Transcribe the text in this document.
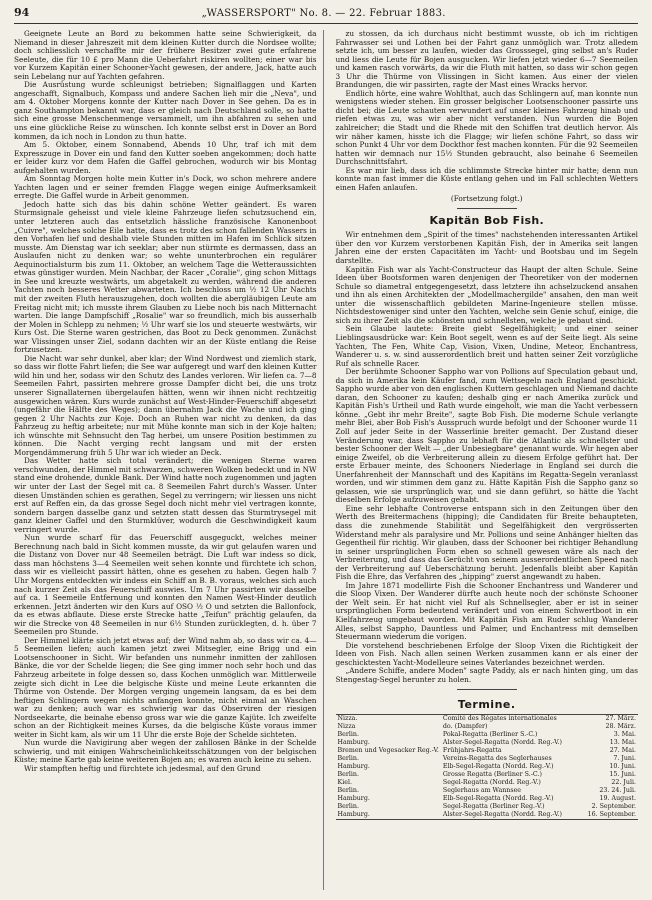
94	„WASSERSPORT" No. 8. — 22. Februar 1883.

Geeignete Leute an Bord zu bekommen hatte seine Schwierigkeit, da Niemand in dieser Jahreszeit mit dem kleinen Kutter durch die Nordsee wollte; doch schliesslich verschaffte mir der frühere Besitzer zwei gute erfahrene Seeleute, die für 10 £ pro Mann die Ueberfahrt riskiren wollten; einer war bis vor Kurzem Kapitän einer Schooner-Yacht gewesen, der andere, Jack, hatte auch sein Lebelang nur auf Yachten gefahren.

Die Ausrüstung wurde schleunigst betrieben; Signalflaggen und Karten angeschafft, Signalbuch, Kompass und andere Sachen lieh mir die „Neva", und am 4. Oktober Morgens konnte der Kutter nach Dover in See gehen. Da es in ganz Southampton bekannt war, dass er gleich nach Deutschland solle, so hatte sich eine grosse Menschenmenge versammelt, um ihn abfahren zu sehen und uns eine glückliche Reise zu wünschen. Ich konnte selbst erst in Dover an Bord kommen, da ich noch in London zu thun hatte.

Am 5. Oktober, einem Sonnabend, Abends 10 Uhr, traf ich mit dem Expresszuge in Dover ein und fand den Kutter soeben angekommen; doch hatte er leider kurz vor dem Hafen die Gaffel gebrochen, wodurch wir bis Montag aufgehalten wurden.

Am Sonntag Morgen holte mein Kutter in's Dock, wo schon mehrere andere Yachten lagen und er seiner fremden Flagge wegen einige Aufmerksamkeit erregte. Die Gaffel wurde in Arbeit genommen.

Jedoch hatte sich das bis dahin schöne Wetter geändert. Es waren Sturmsignale geheisst und viele kleine Fahrzeuge liefen schutzsuchend ein, unter letzteren auch das entsetzlich hässliche französische Kanonenboot „Cuivre", welches solche Eile hatte, dass es trotz des schon fallenden Wassers in den Vorhafen lief und deshalb viele Stunden mitten im Hafen im Schlick sitzen musste. Am Dienstag war ich seeklar; aber nun stürmte es dermassen, dass an Auslaufen nicht zu denken war; so wehte ununterbrochen ein regulärer Aequinoctialsturm bis zum 11. Oktober, an welchem Tage die Wetteraussichten etwas günstiger wurden. Mein Nachbar, der Racer „Coralie", ging schon Mittags in See und kreuzte westwärts, um abgetakelt zu werden, während die anderen Yachten noch besseres Wetter abwarteten. Ich beschloss um ½ 12 Uhr Nachts mit der zweiten Fluth herauszugehen, doch wollten die abergläubigen Leute am Freitag nicht mit; ich musste ihrem Glauben zu Liebe noch bis nach Mitternacht warten. Die lange Dampfschiff „Rosalie" war so freundlich, mich bis ausserhalb der Molen in Schlepp zu nehmen; ½ Uhr warf sie los und steuerte westwärts, wir Kurs Ost. Die Sterne waren gestrichen, das Boot zu Deck genommen. Zunächst war Vlissingen unser Ziel, sodann dachten wir an der Küste entlang die Reise fortzusetzen.

Die Nacht war sehr dunkel, aber klar; der Wind Nordwest und ziemlich stark, so dass wir flotte Fahrt liefen; die See war aufgeregt und warf den kleinen Kutter wild hin und her, sodass wir den Schutz des Landes verloren. Wir liefen ca. 7—8 Seemeilen Fahrt, passirten mehrere grosse Dampfer dicht bei, die uns trotz unserer Signallaternen übergelaufen hätten, wenn wir ihnen nicht rechtzeitig ausgewichen wären. Kurs wurde zunächst auf West-Hinder-Feuerschiff abgesetzt (ungefähr die Hälfte des Weges); dann übernahm Jack die Wache und ich ging gegen 2 Uhr Nachts zur Koje. Doch an Ruhen war nicht zu denken, da das Fahrzeug zu heftig arbeitete; nur mit Mühe konnte man sich in der Koje halten; ich wünschte mit Sehnsucht den Tag herbei, um unsere Position bestimmen zu können. Die Nacht verging recht langsam und mit der ersten Morgendämmerung früh 5 Uhr war ich wieder an Deck.

Das Wetter hatte sich total verändert; die wenigen Sterne waren verschwunden, der Himmel mit schwarzen, schweren Wolken bedeckt und in NW stand eine drohende, dunkle Bank. Der Wind hatte noch zugenommen und jagten wir unter der Last der Segel mit ca. 8 Seemeilen Fahrt durch's Wasser. Unter diesen Umständen schien es gerathen, Segel zu verringern; wir liessen uns nicht erst auf Reffen ein, da das grosse Segel doch nicht mehr viel vertragen konnte, sondern bargen dasselbe ganz und setzten statt dessen das Sturmtrysegel mit ganz kleiner Gaffel und den Sturmklüver, wodurch die Geschwindigkeit kaum verringert wurde.

Nun wurde scharf für das Feuerschiff ausgeguckt, welches meiner Berechnung nach bald in Sicht kommen musste, da wir gut gelaufen waren und die Distanz von Dover nur 48 Seemeilen beträgt. Die Luft war indess so dick, dass man höchstens 3—4 Seemeilen weit sehen konnte und fürchtete ich schon, dass wir es vielleicht passirt hätten, ohne es gesehen zu haben. Gegen halb 7 Uhr Morgens entdeckten wir indess ein Schiff an B. B. voraus, welches sich auch nach kurzer Zeit als das Feuerschiff auswies. Um 7 Uhr passirten wir dasselbe auf ca. 1 Seemeile Entfernung und konnten den Namen West-Hinder deutlich erkennen. Jetzt änderten wir den Kurs auf OSO ½ O und setzten die Ballonfock, da es etwas abflaute. Diese erste Strecke hatte „Teifun" prächtig gelaufen, da wir die Strecke von 48 Seemeilen in nur 6½ Stunden zurücklegten, d. h. über 7 Seemeilen pro Stunde.

Der Himmel klärte sich jetzt etwas auf; der Wind nahm ab, so dass wir ca. 4—5 Seemeilen liefen; auch kamen jetzt zwei Mitsegler, eine Brigg und ein Lootsenschooner in Sicht. Wir befanden uns nunmehr inmitten der zahllosen Bänke, die vor der Schelde liegen; die See ging immer noch sehr hoch und das Fahrzeug arbeitete in folge dessen so, dass Kochen unmöglich war. Mittlerweile zeigte sich dicht in Lee die belgische Küste und meine Leute erkannten die Thürme von Ostende. Der Morgen verging ungemein langsam, da es bei dem heftigen Schlingern wegen nichts anfangen konnte, nicht einmal an Waschen war zu denken; auch war es schwierig war das Observiren der riesigen Nordseekarte, die beinahe ebenso gross war wie die ganze Kajüte. Ich zweifelte schon an der Richtigkeit meines Kurses, da die belgische Küste voraus immer weiter in Sicht kam, als wir um 11 Uhr die erste Boje der Schelde sichteten.

Nun wurde die Navigirung aber wegen der zahllosen Bänke in der Schelde schwierig, und mit einigen Wahrscheinlichkeitsschätzungen von der belgischen Küste; meine Karte gab keine weiteren Bojen an; es waren auch keine zu sehen.

Wir stampften heftig und fürchtete ich jedesmal, auf den Grund

zu stossen, da ich durchaus nicht bestimmt wusste, ob ich im richtigen Fahrwasser sei und Lothen bei der Fahrt ganz unmöglich war. Trotz alledem setzte ich, um besser zu laufen, wieder das Grosssegel, ging selbst an's Ruder und liess die Leute für Bojen ausgucken. Wir liefen jetzt wieder 6—7 Seemeilen und kamen rasch vorwärts, da wir die Fluth mit hatten, so dass wir schon gegen 3 Uhr die Thürme von Vlissingen in Sicht kamen. Aus einer der vielen Brandungen, die wir passirten, ragte der Mast eines Wracks hervor.

Endlich hörte, eine wahre Wohlthat, auch das Schlingern auf, man konnte nun wenigstens wieder stehen. Ein grosser belgischer Lootsenschooner passirte uns dicht bei; die Leute schauten verwundert auf unser kleines Fahrzeug hinab und riefen etwas zu, was wir aber nicht verstanden. Nun wurden die Bojen zahlreicher; die Stadt und die Rhede mit den Schiffen trat deutlich hervor. Als wir näher kamen, hisste ich die Flagge; wir liefen schöne Fahrt, so dass wir schon Punkt 4 Uhr vor dem Dockthor fest machen konnten. Für die 92 Seemeilen hatten wir demnach nur 15½ Stunden gebraucht, also beinahe 6 Seemeilen Durchschnittsfahrt.

Es war mir lieb, dass ich die schlimmste Strecke hinter mir hatte; denn nun konnte man fast immer die Küste entlang gehen und im Fall schlechten Wetters einen Hafen anlaufen.

(Fortsetzung folgt.)
Kapitän Bob Fish.

Wir entnehmen dem „Spirit of the times" nachstehenden interessanten Artikel über den vor Kurzem verstorbenen Kapitän Fish, der in Amerika seit langen Jahren eine der ersten Capacitäten im Yacht- und Bootsbau und im Segeln darstellte.

Kapitän Fish war als Yacht-Constructeur das Haupt der alten Schule. Seine Ideen über Bootsformen waren denjenigen der Theoretiker von der modernen Schule so diametral entgegengesetzt, dass letztere ihn achselzuckend ansahen und ihn als einen Architekten der „Modellmachergilde" ansahen, den man weit unter die wissenschaftlich gebildeten Marine-Ingenieure stellen müsse. Nichtsdestoweniger sind unter den Yachten, welche sein Genie schuf, einige, die sich zu ihrer Zeit als die schönsten und schnellsten, welche je gebaut sind.

Sein Glaube lautete: Breite giebt Segelfähigkeit; und einer seiner Lieblingsausdrücke war: Kein Boot segelt, wenn es auf der Seite liegt. Als seine Yachten, The Fen, White Cap, Vision, Vixen, Undine, Meteor, Enchantress, Wanderer u. s. w. sind ausserordentlich breit und hatten seiner Zeit vorzügliche Ruf als schnelle Racer.

Der berühmte Schooner Sappho war von Pollions auf Speculation gebaut und, da sich in Amerika kein Käufer fand, zum Wettsegeln nach England geschickt. Sappho wurde aber von den englischen Kuttern geschlagen und Niemand dachte daran, den Schooner zu kaufen; deshalb ging er nach Amerika zurück und Kapitän Fish's Urtheil und Rath wurde eingeholt, wie man die Yacht verbessern könne. „Gebt ihr mehr Breite", sagte Bob Fish. Die moderne Schule verlangte mehr Blei, aber Bob Fish's Ausspruch wurde befolgt und der Schooner wurde 11 Zoll auf jeder Seite in der Wasserlinie breiter gemacht. Der Zustand dieser Veränderung war, dass Sappho zu lebhaft für die Atlantic als schnellster und bester Schooner der Welt — „der Unbesiegbare" genannt wurde. Wir hegen aber einige Zweifel, ob die Verbreiterung allein zu diesem Erfolge geführt hat. Der erste Erbauer meinte, des Schooners Niederlage in England sei durch die Unerfahrenheit der Mannschaft und des Kapitäns im Regatta-Segeln veranlasst worden, und wir stimmen dem ganz zu. Hätte Kapitän Fish die Sappho ganz so gelassen, wie sie ursprünglich war, und sie dann geführt, so hätte die Yacht dieselben Erfolge aufzuweisen gehabt.

Eine sehr lebhafte Controverse entspann sich in den Zeitungen über den Werth des Breitermachens (hipping); die Candidaten für Breite behaupteten, dass die zunehmende Stabilität und Segelfähigkeit den vergrösserten Widerstand mehr als paralysire und Mr. Pollions und seine Anhänger hielten das Gegentheil für richtig. Wir glauben, dass der Schooner bei richtiger Behandlung in seiner ursprünglichen Form eben so schnell gewesen wäre als nach der Verbreiterung, und dass das Gerücht von seinem ausserordentlichen Speed nach der Verbreiterung auf Ueberschätzung beruht. Jedenfalls bleibt aber Kapitän Fish die Ehre, das Verfahren des „hipping" zuerst angewandt zu haben.

Im Jahre 1871 modellirte Fish die Schooner Enchantress und Wanderer und die Sloop Vixen. Der Wanderer dürfte auch heute noch der schönste Schooner der Welt sein. Er hat nicht viel Ruf als Schnellsegler, aber er ist in seiner ursprünglichen Form bedeutend verändert und von einem Schwertboot in ein Kielfahrzeug umgebaut worden. Mit Kapitän Fish am Ruder schlug Wanderer Alles, selbst Sappho, Dauntless und Palmer, und Enchantress mit demselben Steuermann wiederum die vorigen.

Die vorstehend beschriebenen Erfolge der Sloop Vixen die Richtigkeit der Ideen von Fish. Nach allen seinen Werken zusammen kann er als einer der geschicktesten Yacht-Modelleure seines Vaterlandes bezeichnet werden.

„Andere Schiffe, andere Moden" sagte Paddy, als er nach hinten ging, um das Stengestag-Segel herunter zu holen.

Termine.
Nizza.	Comité des Régates internationales	27. März.
Nizza	do. (Dampfer)	28. März.
Berlin.	Pokal-Regatta (Berliner S.-C.)	3. Mai.
Hamburg.	Alster-Segel-Regatta (Nordd. Reg.-V.)	13. Mai.
Bremen und Vegesacker Reg.-V.	Frühjahrs-Regatta	27. Mai.
Berlin.	Vereins-Regatta des Seglerhauses	7. Juni.
Hamburg.	Elb-Segel-Regatta (Nordd. Reg.-V.)	10. Juni.
Berlin.	Grosse Regatta (Berliner S.-C.)	15. Juni.
Kiel.	Segel-Regatta (Nordd. Reg.-V.)	22. Juli.
Berlin.	Seglerhaus am Wannsee	23. 24. Juli.
Hamburg.	Elb-Segel-Regatta (Nordd. Reg.-V.)	19. August.
Berlin.	Segel-Regatta (Berliner Reg.-V.)	2. September.
Hamburg.	Alster-Segel-Regatta (Nordd. Reg.-V.)	16. September.
